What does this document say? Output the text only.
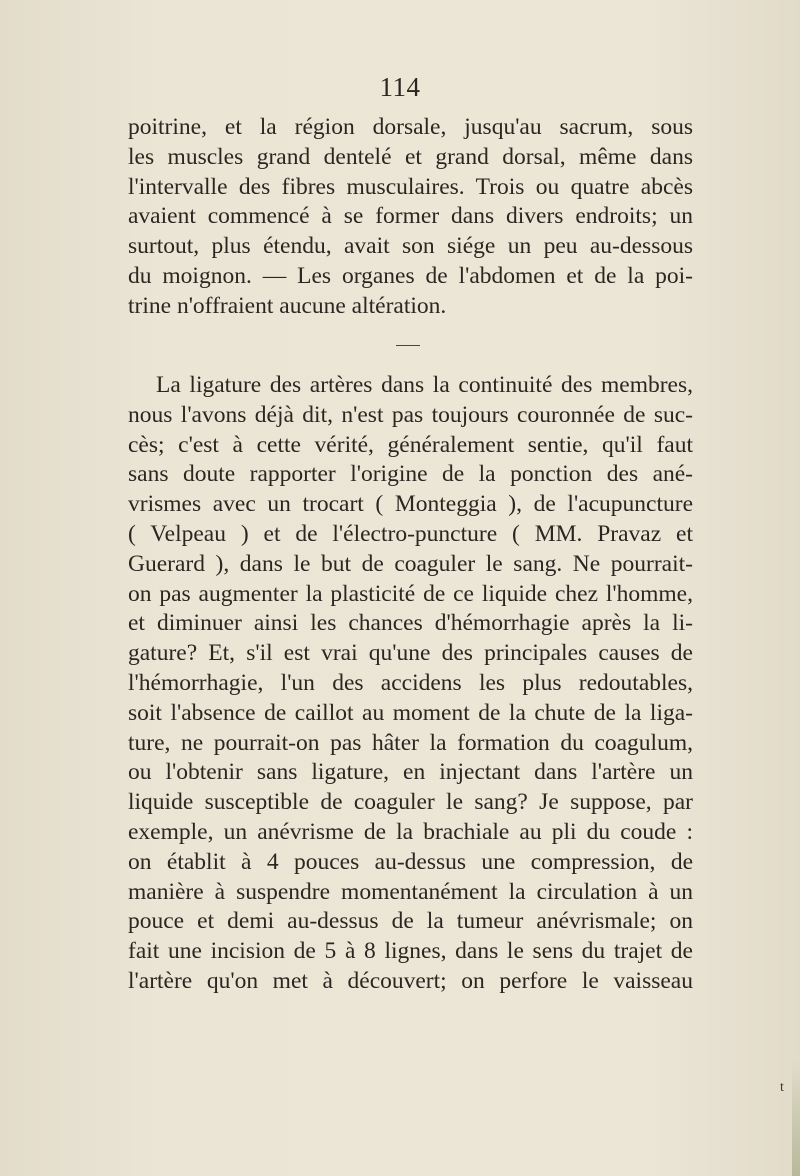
114
poitrine, et la région dorsale, jusqu'au sacrum, sous
les muscles grand dentelé et grand dorsal, même dans
l'intervalle des fibres musculaires. Trois ou quatre abcès
avaient commencé à se former dans divers endroits; un
surtout, plus étendu, avait son siége un peu au-dessous
du moignon. — Les organes de l'abdomen et de la poi-
trine n'offraient aucune altération.
La ligature des artères dans la continuité des membres,
nous l'avons déjà dit, n'est pas toujours couronnée de suc-
cès; c'est à cette vérité, généralement sentie, qu'il faut
sans doute rapporter l'origine de la ponction des ané-
vrismes avec un trocart ( Monteggia ), de l'acupuncture
( Velpeau ) et de l'électro-puncture ( MM. Pravaz et
Guerard ), dans le but de coaguler le sang. Ne pourrait-
on pas augmenter la plasticité de ce liquide chez l'homme,
et diminuer ainsi les chances d'hémorrhagie après la li-
gature? Et, s'il est vrai qu'une des principales causes de
l'hémorrhagie, l'un des accidens les plus redoutables,
soit l'absence de caillot au moment de la chute de la liga-
ture, ne pourrait-on pas hâter la formation du coagulum,
ou l'obtenir sans ligature, en injectant dans l'artère un
liquide susceptible de coaguler le sang? Je suppose, par
exemple, un anévrisme de la brachiale au pli du coude :
on établit à 4 pouces au-dessus une compression, de
manière à suspendre momentanément la circulation à un
pouce et demi au-dessus de la tumeur anévrismale; on
fait une incision de 5 à 8 lignes, dans le sens du trajet de
l'artère qu'on met à découvert; on perfore le vaisseau
t
